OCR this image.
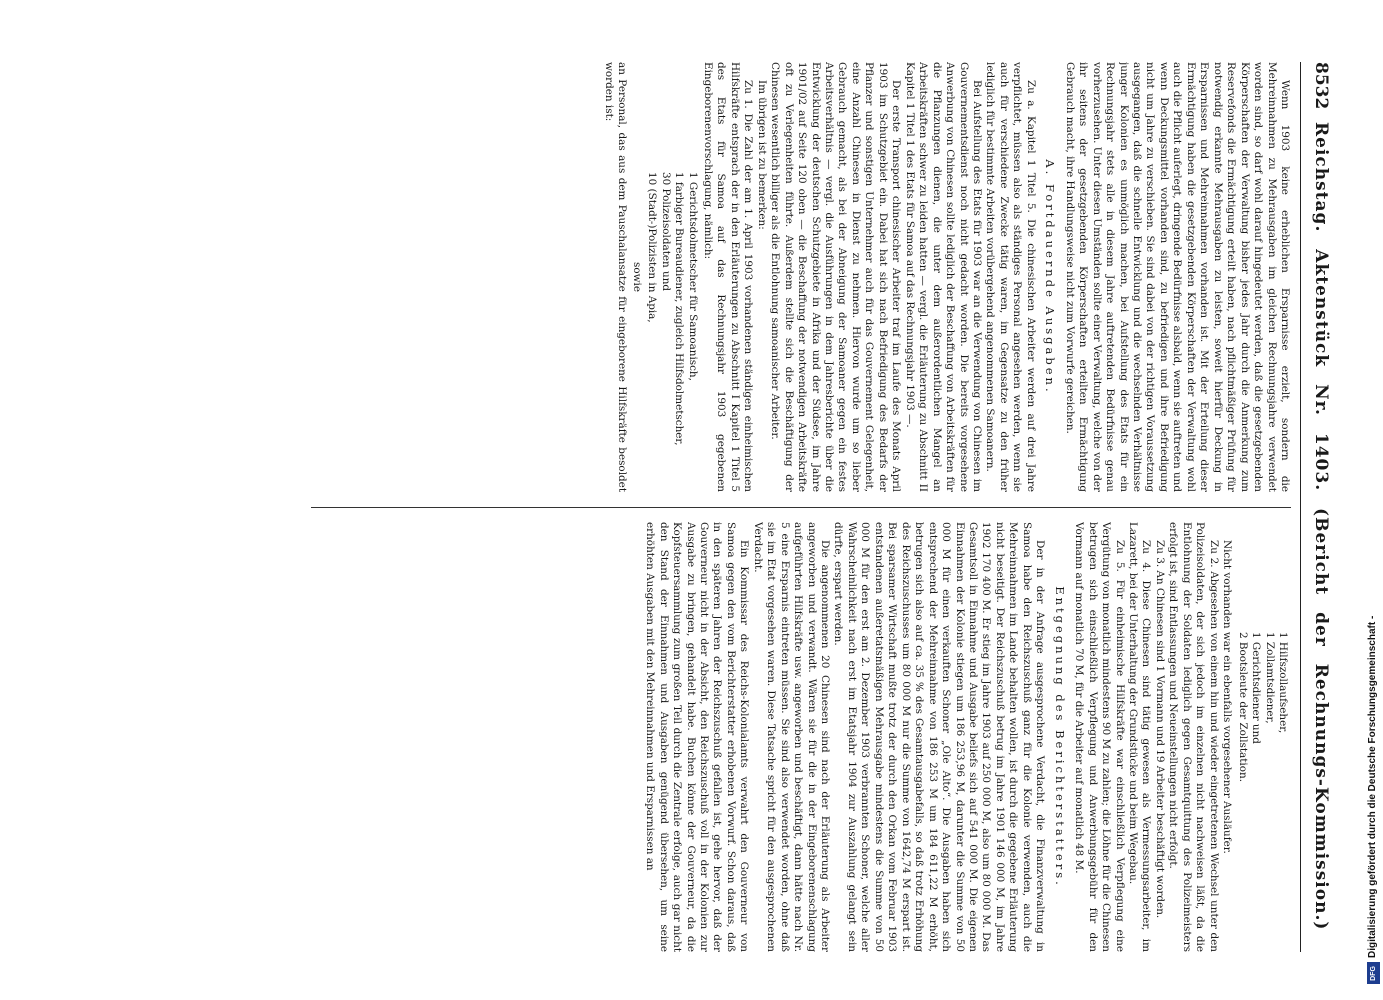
8532
Reichstag. Aktenstück Nr. 1403. (Bericht der Rechnungs-Kommission.)

Wenn 1903 keine erheblichen Ersparnisse erzielt, sondern die Mehreinnahmen zu Mehrausgaben im gleichen Rechnungsjahre verwendet worden sind, so darf wohl darauf hingedeutet werden, daß die gesetzgebenden Körperschaften der Verwaltung bisher jedes Jahr durch die Anmerkung zum Reservefonds die Ermächtigung erteilt haben, nach pflichtmäßiger Prüfung für notwendig erkannte Mehrausgaben zu leisten, soweit hierfür Deckung in Ersparnissen und Mehreinnahmen vorhanden ist. Mit der Erteilung dieser Ermächtigung haben die gesetzgebenden Körperschaften der Verwaltung wohl auch die Pflicht auferlegt, dringende Bedürfnisse alsbald, wenn sie auftreten und wenn Deckungsmittel vorhanden sind, zu befriedigen und ihre Befriedigung nicht um Jahre zu verschieben. Sie sind dabei von der richtigen Voraussetzung ausgegangen, daß die schnelle Entwicklung und die wechselnden Verhältnisse junger Kolonien es unmöglich machen, bei Aufstellung des Etats für ein Rechnungsjahr stets alle in diesem Jahre auftretenden Bedürfnisse genau vorherzusehen. Unter diesen Umständen sollte einer Verwaltung, welche von der ihr seitens der gesetzgebenden Körperschaften erteilten Ermächtigung Gebrauch macht, ihre Handlungsweise nicht zum Vorwurfe gereichen.

A. Fortdauernde Ausgaben.

Zu a. Kapitel 1 Titel 5. Die chinesischen Arbeiter werden auf drei Jahre verpflichtet, müssen also als ständiges Personal angesehen werden, wenn sie auch für verschiedene Zwecke tätig waren, im Gegensatze zu den früher lediglich für bestimmte Arbeiten vorübergehend angenommenen Samoanern.

Bei Aufstellung des Etats für 1903 war an die Verwendung von Chinesen im Gouvernementsdienst noch nicht gedacht worden. Die bereits vorgesehene Anwerbung von Chinesen sollte lediglich der Beschaffung von Arbeitskräften für die Pflanzungen dienen, die unter dem außerordentlichen Mangel an Arbeitskräften schwer zu leiden hatten — vergl. die Erläuterung zu Abschnitt II Kapitel 1 Titel 1 des Etats für Samoa auf das Rechnungsjahr 1903 —.

Der erste Transport chinesischer Arbeiter traf im Laufe des Monats April 1903 im Schutzgebiet ein. Dabei hat sich nach Befriedigung des Bedarfs der Pflanzer und sonstigen Unternehmer auch für das Gouvernement Gelegenheit, eine Anzahl Chinesen in Dienst zu nehmen. Hiervon wurde um so lieber Gebrauch gemacht, als bei der Abneigung der Samoaner gegen ein festes Arbeitsverhältnis — vergl. die Ausführungen in dem Jahresberichte über die Entwicklung der deutschen Schutzgebiete in Afrika und der Südsee, im Jahre 1901/02 auf Seite 120 oben — die Beschaffung der notwendigen Arbeitskräfte oft zu Verlegenheiten führte. Außerdem stellte sich die Beschäftigung der Chinesen wesentlich billiger als die Entlohnung samoanischer Arbeiter.

Im übrigen ist zu bemerken:

Zu 1. Die Zahl der am 1. April 1903 vorhandenen ständigen einheimischen Hilfskräfte entsprach der in den Erläuterungen zu Abschnitt I Kapitel 1 Titel 5 des Etats für Samoa auf das Rechnungsjahr 1903 gegebenen Eingeborenenvorschlagung, nämlich:

1 Gerichtsdolmetscher für Samoanisch,
1 farbiger Bureaudiener, zugleich Hilfsdolmetscher,
30 Polizeisoldaten und
10 (Stadt-)Polizisten in Apia,

sowie

an Personal, das aus dem Pauschalansatze für eingeborene Hilfskräfte besoldet worden ist:

1 Hilfszollaufseher,
1 Zollamtsdiener,
1 Gerichtsdiener und
2 Bootsleute der Zollstation.

Nicht vorhanden war ein ebenfalls vorgesehener Ausläufer.

Zu 2. Abgesehen von einem hin und wieder eingetretenen Wechsel unter den Polizeisoldaten, der sich jedoch im einzelnen nicht nachweisen läßt, da die Entlohnung der Soldaten lediglich gegen Gesamtquittung des Polizeimeisters erfolgt ist, sind Entlassungen und Neueinstellungen nicht erfolgt.

Zu 3. An Chinesen sind 1 Vormann und 19 Arbeiter beschäftigt worden.

Zu 4. Diese Chinesen sind tätig gewesen als Vermessungsarbeiter, im Lazarett, bei der Unterhaltung der Grundstücke und beim Wegebau.

Zu 5. Für einheimische Hilfskräfte war einschließlich Verpflegung eine Vergütung von monatlich mindestens 90 M zu zahlen; die Löhne für die Chinesen betrugen sich einschließlich Verpflegung und Anwerbungsgebühr für den Vormann auf monatlich 70 M, für die Arbeiter auf monatlich 48 M.

Entgegnung des Berichterstatters.

Der in der Anfrage ausgesprochene Verdacht, die Finanzverwaltung in Samoa habe den Reichszuschuß ganz für die Kolonie verwenden, auch die Mehreinnahmen im Lande behalten wollen, ist durch die gegebene Erläuterung nicht beseitigt. Der Reichszuschuß betrug im Jahre 1901 146 000 M, im Jahre 1902 170 400 M. Er stieg im Jahre 1903 auf 250 000 M, also um 80 000 M. Das Gesamtsoll in Einnahme und Ausgabe beliefs sich auf 541 000 M. Die eigenen Einnahmen der Kolonie stiegen um 186 253,96 M, darunter die Summe von 50 000 M für einen verkauften Schoner „Ole Alto“. Die Ausgaben haben sich entsprechend der Mehreinnahme von 186 253 M um 184 611,22 M erhöht, betrugen sich also auf ca. 35 % des Gesamtausgabefalls, so daß trotz Erhöhung des Reichszuschusses um 80 000 M nur die Summe von 1642,74 M erspart ist. Bei sparsamer Wirtschaft mußte trotz der durch den Orkan vom Februar 1903 entstandenen außeretatsmäßigen Mehrausgabe mindestens die Summe von 50 000 M für den erst am 2. Dezember 1903 verbrannten Schoner, welche aller Wahrscheinlichkeit nach erst im Etatsjahr 1904 zur Auszahlung gelangt sein dürfte, erspart werden.

Die angenommenen 20 Chinesen sind nach der Erläuterung als Arbeiter angeworben und verwandt. Wären sie für die in der Eingeborenenschlagung aufgeführten Hilfskräfte usw. angeworben und beschäftigt, dann hätte nach Nr. 5 eine Ersparnis eintreten müssen. Sie sind also verwendet worden, ohne daß sie im Etat vorgesehen waren. Diese Tatsache spricht für den ausgesprochenen Verdacht.

Ein Kommissar des Reichs-Kolonialamts verwahrt den Gouverneur von Samoa gegen den vom Berichterstatter erhobenen Vorwurf. Schon daraus, daß in den späteren Jahren der Reichszuschuß gefallen ist, gehe hervor, daß der Gouverneur nicht in der Absicht, den Reichszuschuß voll in der Kolonien zur Ausgabe zu bringen, gehandelt habe. Buchen könne der Gouverneur, da die Kopfsteuersammlung zum großen Teil durch die Zentrale erfolge, auch gar nicht den Stand der Einnahmen und Ausgaben genügend übersehen, um seine erhöhten Ausgaben mit den Mehreinnahmen und Ersparnissen an	Digitalisierung gefördert durch die Deutsche Forschungsgemeinschaft -
DFG
